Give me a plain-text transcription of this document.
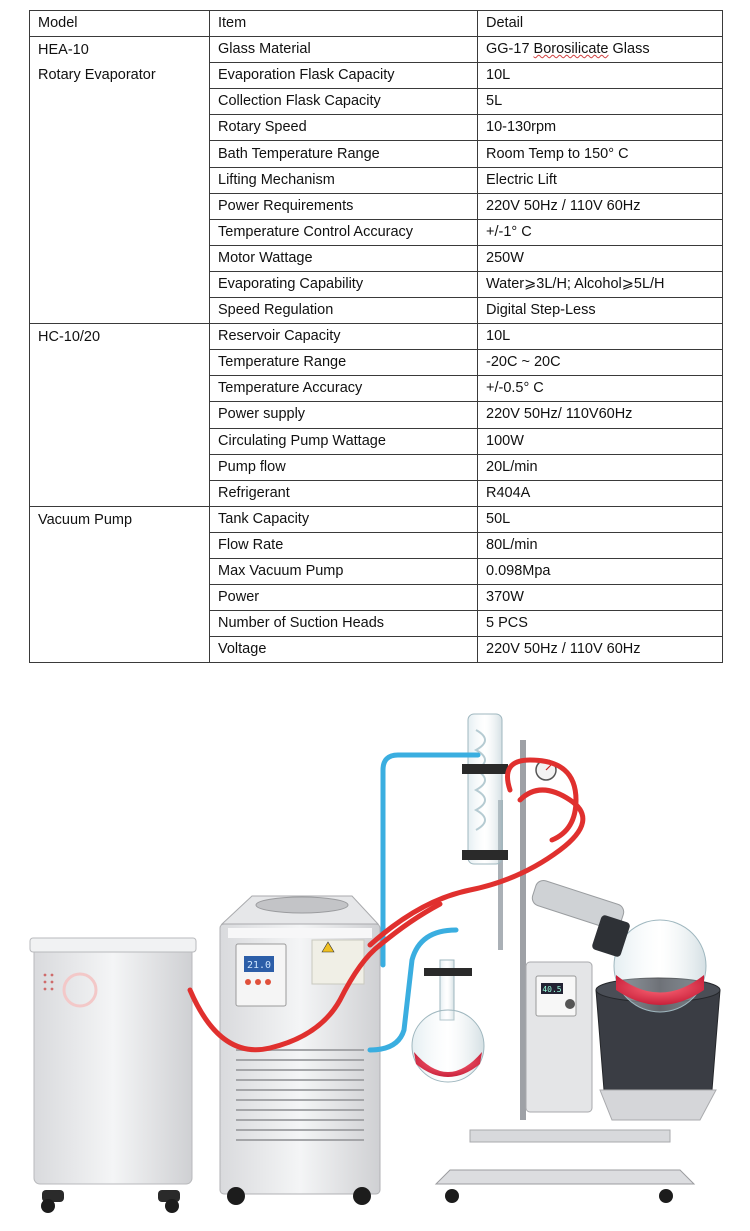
Model	Item	Detail

HEA-10
Rotary Evaporator	Glass Material	GG-17 Borosilicate Glass
	Evaporation Flask Capacity	10L
	Collection Flask Capacity	5L
	Rotary Speed	10-130rpm
	Bath Temperature Range	Room Temp to 150° C
	Lifting Mechanism	Electric Lift
	Power Requirements	220V 50Hz / 110V 60Hz
	Temperature Control Accuracy	+/-1° C
	Motor Wattage	250W
	Evaporating Capability	Water⩾3L/H; Alcohol⩾5L/H
	Speed Regulation	Digital Step-Less

HC-10/20	Reservoir Capacity	10L
	Temperature Range	-20C ~ 20C
	Temperature Accuracy	+/-0.5° C
	Power supply	220V 50Hz/ 110V60Hz
	Circulating Pump Wattage	100W
	Pump flow	20L/min
	Refrigerant	R404A

Vacuum Pump	Tank Capacity	50L
	Flow Rate	80L/min
	Max Vacuum Pump	0.098Mpa
	Power	370W
	Number of Suction Heads	5 PCS
	Voltage	220V 50Hz / 110V 60Hz
21.0
40.5
